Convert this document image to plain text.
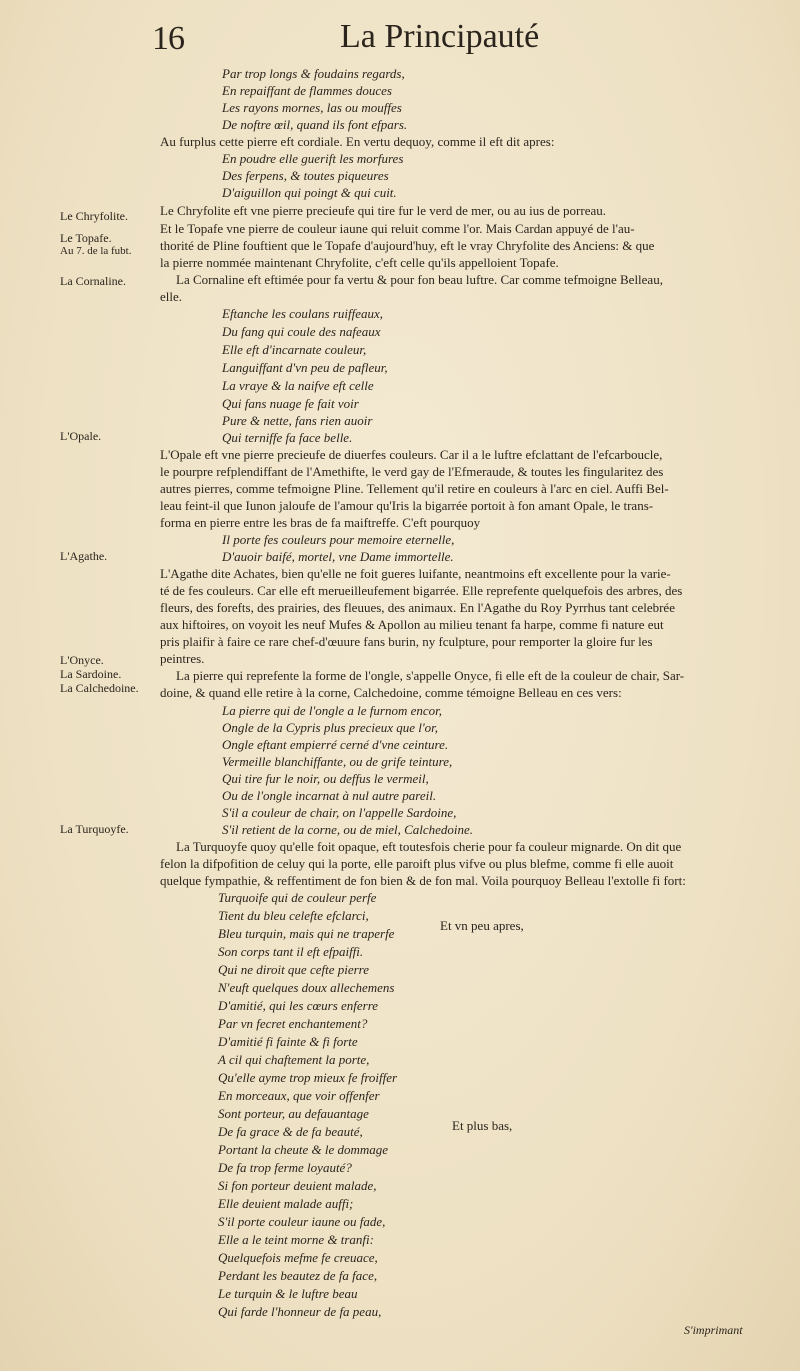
16	La Principauté
Le Chryfolite.
Le Topafe.
Au 7. de la fubt.
La Cornaline.
L'Opale.
L'Agathe.
L'Onyce.
La Sardoine.
La Calchedoine.
La Turquoyfe.
Par trop longs & foudains regards,
En repaiffant de flammes douces
Les rayons mornes, las ou mouffes
De noftre œil, quand ils font efpars.
Au furplus cette pierre eft cordiale. En vertu dequoy, comme il eft dit apres:
En poudre elle guerift les morfures
Des ferpens, & toutes piqueures
D'aiguillon qui poingt & qui cuit.
Le Chryfolite eft vne pierre precieufe qui tire fur le verd de mer, ou au ius de porreau.
Et le Topafe vne pierre de couleur iaune qui reluit comme l'or. Mais Cardan appuyé de l'au-
thorité de Pline fouftient que le Topafe d'aujourd'huy, eft le vray Chryfolite des Anciens: & que
la pierre nommée maintenant Chryfolite, c'eft celle qu'ils appelloient Topafe.
La Cornaline eft eftimée pour fa vertu & pour fon beau luftre. Car comme tefmoigne Belleau,
elle.
Eftanche les coulans ruiffeaux,
Du fang qui coule des nafeaux
Elle eft d'incarnate couleur,
Languiffant d'vn peu de pafleur,
La vraye & la naifve eft celle
Qui fans nuage fe fait voir
Pure & nette, fans rien auoir
Qui terniffe fa face belle.
L'Opale eft vne pierre precieufe de diuerfes couleurs. Car il a le luftre efclattant de l'efcarboucle,
le pourpre refplendiffant de l'Amethifte, le verd gay de l'Efmeraude, & toutes les fingularitez des
autres pierres, comme tefmoigne Pline. Tellement qu'il retire en couleurs à l'arc en ciel. Auffi Bel-
leau feint-il que Iunon jaloufe de l'amour qu'Iris la bigarrée portoit à fon amant Opale, le trans-
forma en pierre entre les bras de fa maiftreffe. C'eft pourquoy
Il porte fes couleurs pour memoire eternelle,
D'auoir baifé, mortel, vne Dame immortelle.
L'Agathe dite Achates, bien qu'elle ne foit gueres luifante, neantmoins eft excellente pour la varie-
té de fes couleurs. Car elle eft merueilleufement bigarrée. Elle reprefente quelquefois des arbres, des
fleurs, des forefts, des prairies, des fleuues, des animaux. En l'Agathe du Roy Pyrrhus tant celebrée
aux hiftoires, on voyoit les neuf Mufes & Apollon au milieu tenant fa harpe, comme fi nature eut
pris plaifir à faire ce rare chef-d'œuure fans burin, ny fculpture, pour remporter la gloire fur les
peintres.
La pierre qui reprefente la forme de l'ongle, s'appelle Onyce, fi elle eft de la couleur de chair, Sar-
doine, & quand elle retire à la corne, Calchedoine, comme témoigne Belleau en ces vers:
La pierre qui de l'ongle a le furnom encor,
Ongle de la Cypris plus precieux que l'or,
Ongle eftant empierré cerné d'vne ceinture.
Vermeille blanchiffante, ou de grife teinture,
Qui tire fur le noir, ou deffus le vermeil,
Ou de l'ongle incarnat à nul autre pareil.
S'il a couleur de chair, on l'appelle Sardoine,
S'il retient de la corne, ou de miel, Calchedoine.
La Turquoyfe quoy qu'elle foit opaque, eft toutesfois cherie pour fa couleur mignarde. On dit que
felon la difpofition de celuy qui la porte, elle paroift plus vifve ou plus blefme, comme fi elle auoit
quelque fympathie, & reffentiment de fon bien & de fon mal. Voila pourquoy Belleau l'extolle fi fort:
Turquoife qui de couleur perfe
Tient du bleu celefte efclarci,
Bleu turquin, mais qui ne traperfe
Son corps tant il eft efpaiffi.
Qui ne diroit que cefte pierre
N'euft quelques doux allechemens
D'amitié, qui les cœurs enferre
Par vn fecret enchantement?
D'amitié fi fainte & fi forte
A cil qui chaftement la porte,
Qu'elle ayme trop mieux fe froiffer
En morceaux, que voir offenfer
Sont porteur, au defauantage
De fa grace & de fa beauté,
Portant la cheute & le dommage
De fa trop ferme loyauté?
Si fon porteur deuient malade,
Elle deuient malade auffi;
S'il porte couleur iaune ou fade,
Elle a le teint morne & tranfi:
Quelquefois mefme fe creuace,
Perdant les beautez de fa face,
Le turquin & le luftre beau
Qui farde l'honneur de fa peau,
Et vn peu apres,
Et plus bas,
S'imprimant
